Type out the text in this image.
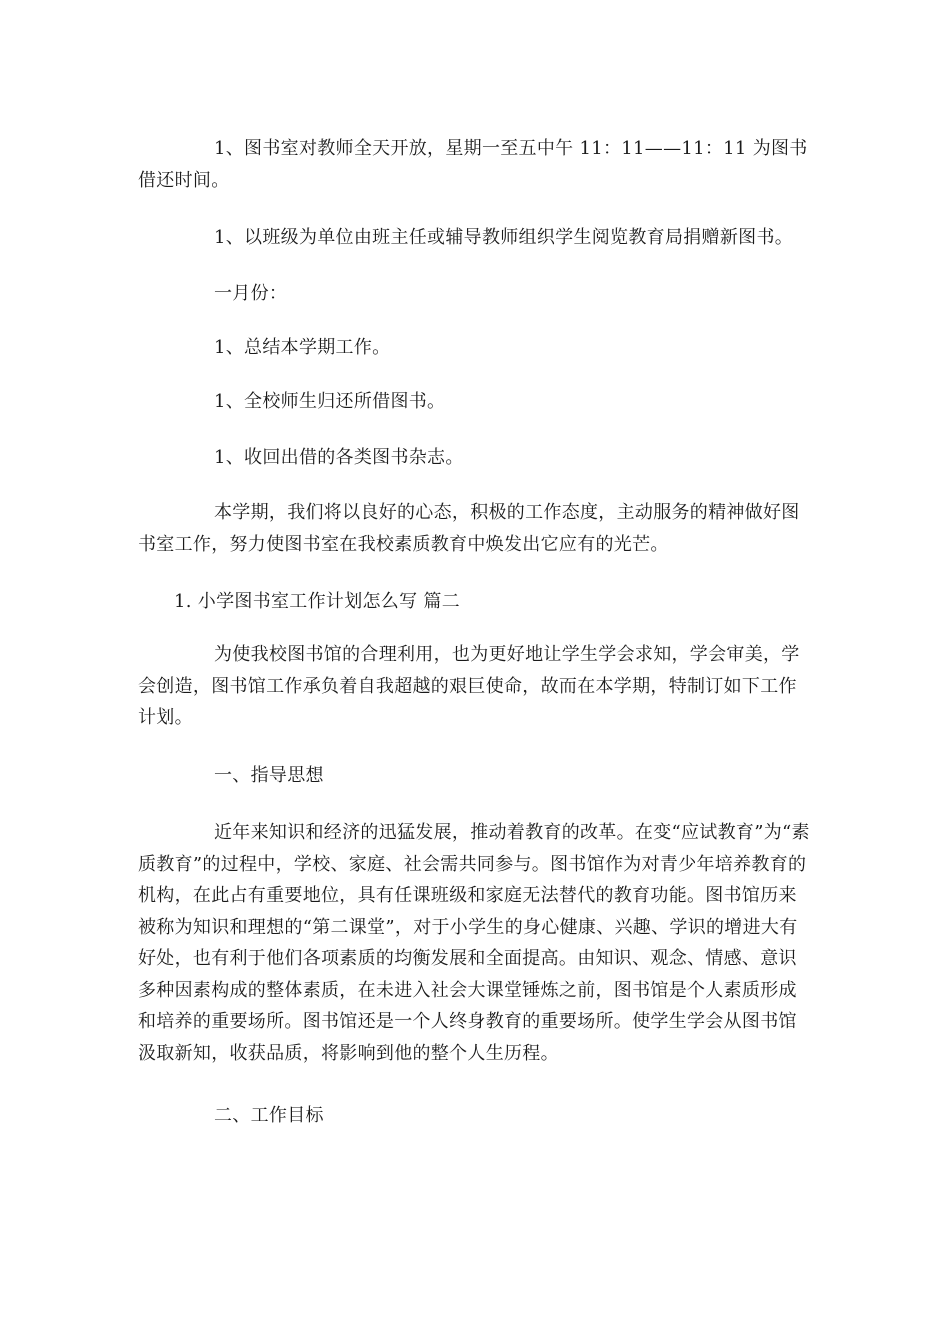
1、图书室对教师全天开放，星期一至五中午 11：11——11：11 为图书借还时间。

1、以班级为单位由班主任或辅导教师组织学生阅览教育局捐赠新图书。

一月份：

1、总结本学期工作。

1、全校师生归还所借图书。

1、收回出借的各类图书杂志。

本学期，我们将以良好的心态，积极的工作态度，主动服务的精神做好图书室工作，努力使图书室在我校素质教育中焕发出它应有的光芒。

1. 小学图书室工作计划怎么写 篇二

为使我校图书馆的合理利用，也为更好地让学生学会求知，学会审美，学会创造，图书馆工作承负着自我超越的艰巨使命，故而在本学期，特制订如下工作计划。

一、指导思想

近年来知识和经济的迅猛发展，推动着教育的改革。在变“应试教育”为“素质教育”的过程中，学校、家庭、社会需共同参与。图书馆作为对青少年培养教育的机构，在此占有重要地位，具有任课班级和家庭无法替代的教育功能。图书馆历来被称为知识和理想的“第二课堂”，对于小学生的身心健康、兴趣、学识的增进大有好处，也有利于他们各项素质的均衡发展和全面提高。由知识、观念、情感、意识多种因素构成的整体素质，在未进入社会大课堂锤炼之前，图书馆是个人素质形成和培养的重要场所。图书馆还是一个人终身教育的重要场所。使学生学会从图书馆汲取新知，收获品质，将影响到他的整个人生历程。

二、工作目标
